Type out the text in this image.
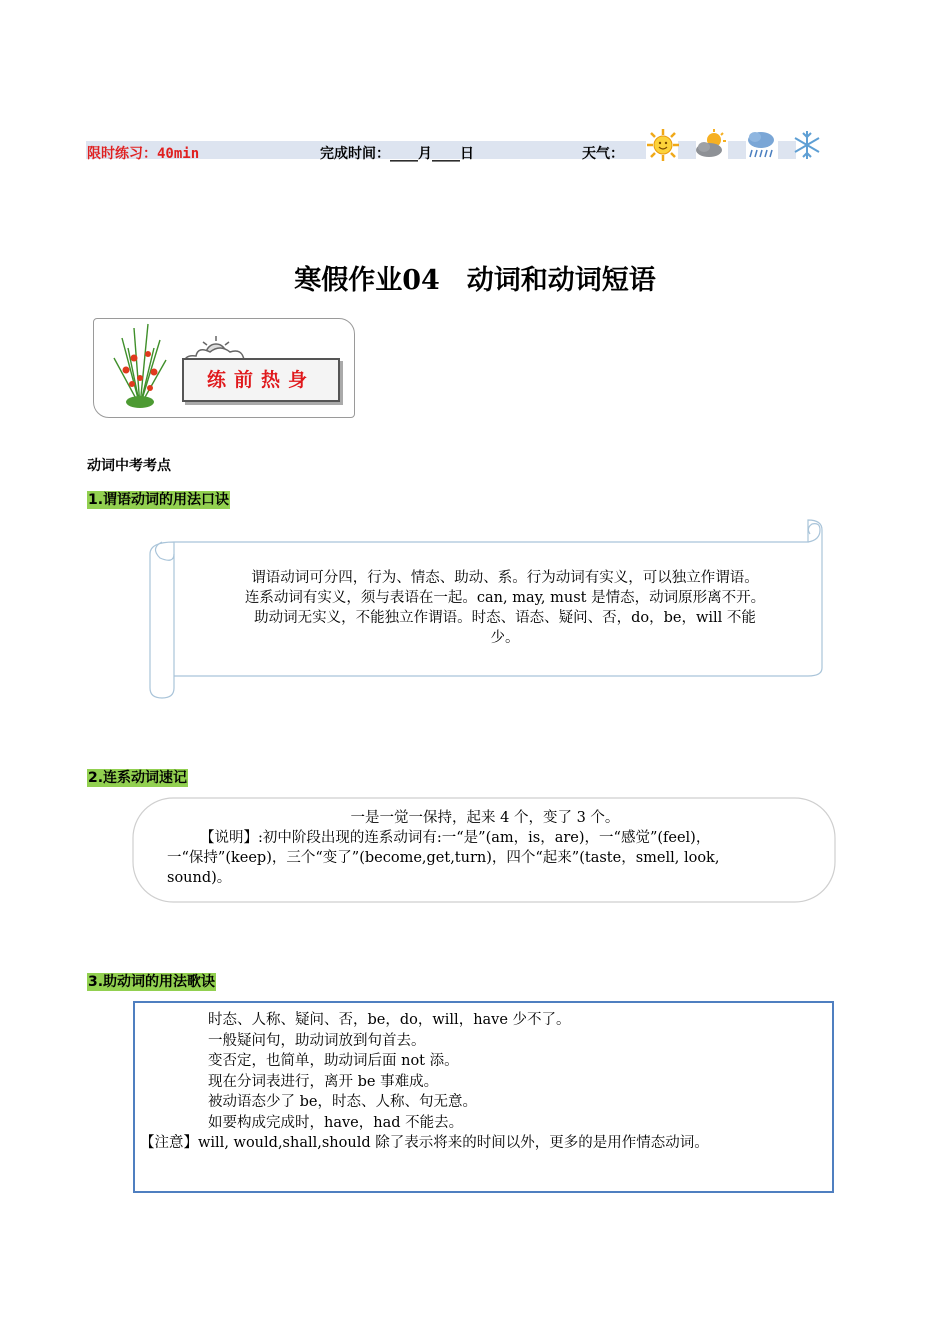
限时练习：40min	完成时间：____月____日	天气：
寒假作业04　动词和动词短语
练前热身
动词中考考点
1.谓语动词的用法口诀
谓语动词可分四，行为、情态、助动、系。行为动词有实义，可以独立作谓语。
连系动词有实义，须与表语在一起。can, may, must 是情态，动词原形离不开。
助动词无实义，不能独立作谓语。时态、语态、疑问、否，do，be，will 不能
少。
2.连系动词速记
一是一觉一保持，起来 4 个，变了 3 个。
【说明】:初中阶段出现的连系动词有:一“是”(am，is，are)，一“感觉”(feel)，
一“保持”(keep)，三个“变了”(become,get,turn)，四个“起来”(taste，smell, look,
sound)。
3.助动词的用法歌诀
时态、人称、疑问、否，be，do，will，have 少不了。
一般疑问句，助动词放到句首去。
变否定，也简单，助动词后面 not 添。
现在分词表进行，离开 be 事难成。
被动语态少了 be，时态、人称、句无意。
如要构成完成时，have，had 不能去。
【注意】will, would,shall,should 除了表示将来的时间以外，更多的是用作情态动词。
